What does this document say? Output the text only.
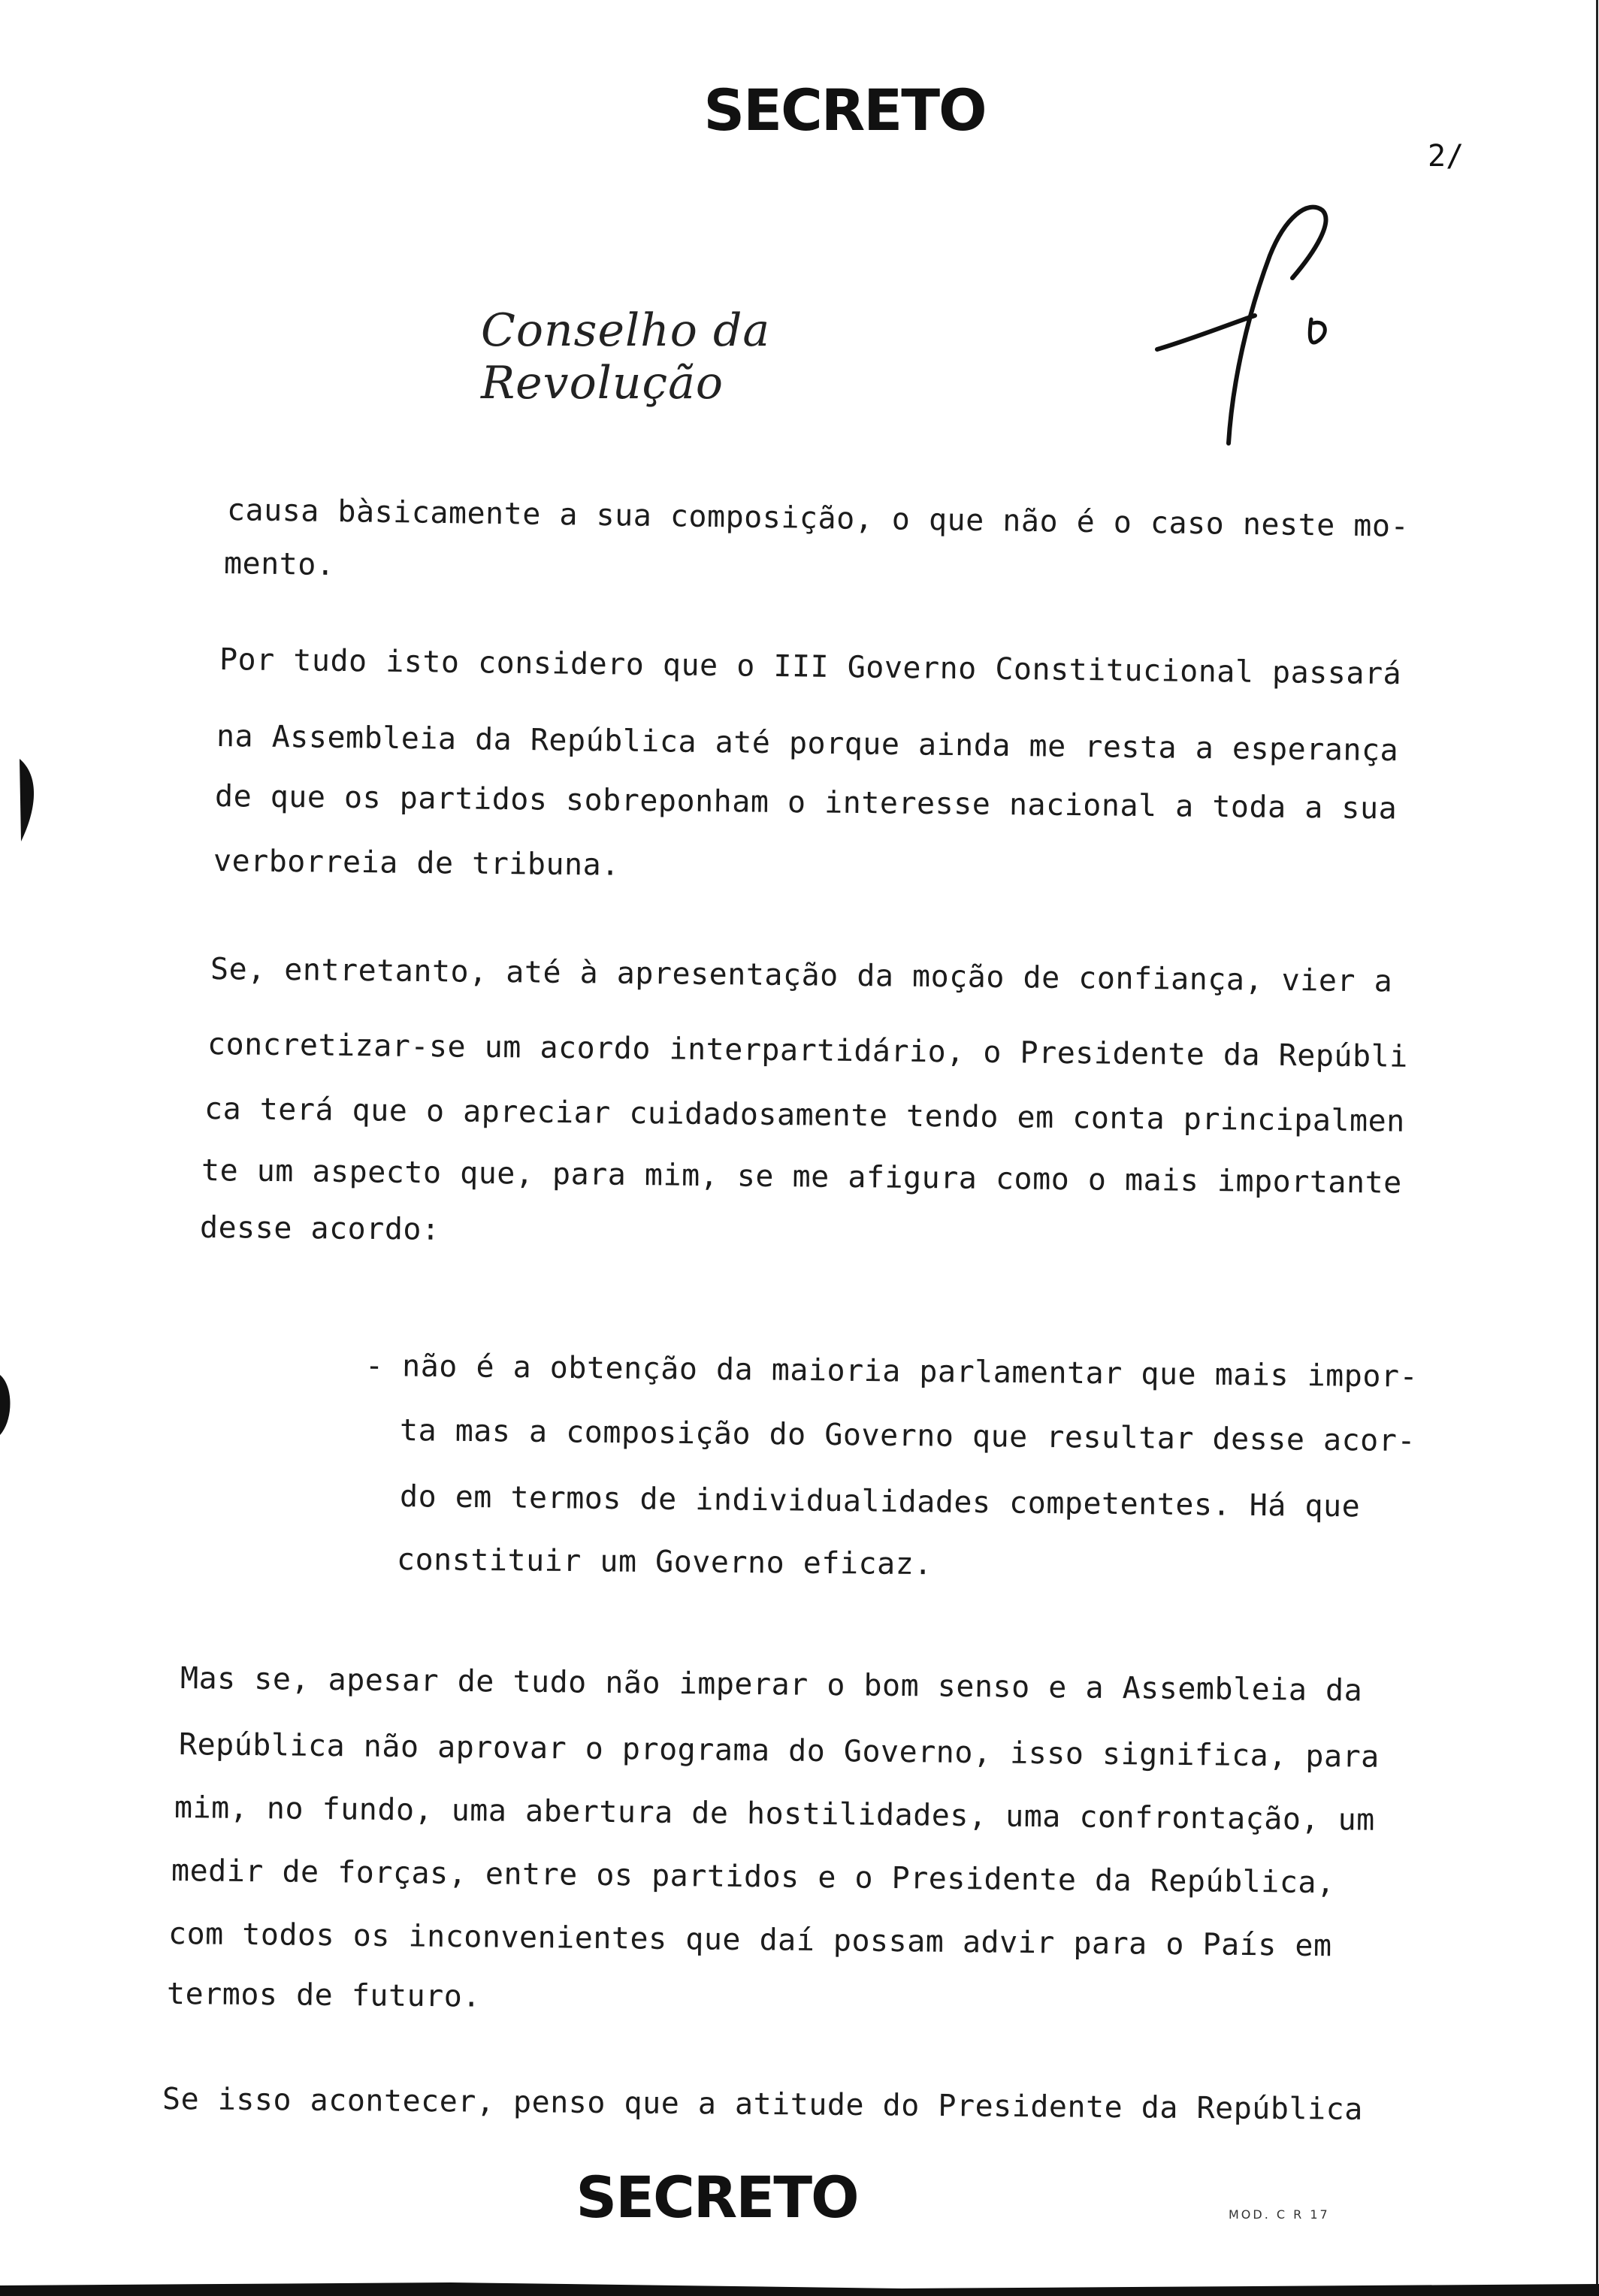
SECRETO
2/
Conselho da Revolução
causa bàsicamente a sua composição, o que não é o caso neste mo-
mento.
Por tudo isto considero que o III Governo Constitucional passará
na Assembleia da República até porque ainda me resta a esperança
de que os partidos sobreponham o interesse nacional a toda a sua
verborreia de tribuna.
Se, entretanto, até à apresentação da moção de confiança, vier a
concretizar-se um acordo interpartidário, o Presidente da Repúbli
ca terá que o apreciar cuidadosamente tendo em conta principalmen
te um aspecto que, para mim, se me afigura como o mais importante
desse acordo:
- não é a obtenção da maioria parlamentar que mais impor-
ta mas a composição do Governo que resultar desse acor-
do em termos de individualidades competentes. Há que
constituir um Governo eficaz.
Mas se, apesar de tudo não imperar o bom senso e a Assembleia da
República não aprovar o programa do Governo, isso significa, para
mim, no fundo, uma abertura de hostilidades, uma confrontação, um
medir de forças, entre os partidos e o Presidente da República,
com todos os inconvenientes que daí possam advir para o País em
termos de futuro.
Se isso acontecer, penso que a atitude do Presidente da República
SECRETO	MOD. C R 17
